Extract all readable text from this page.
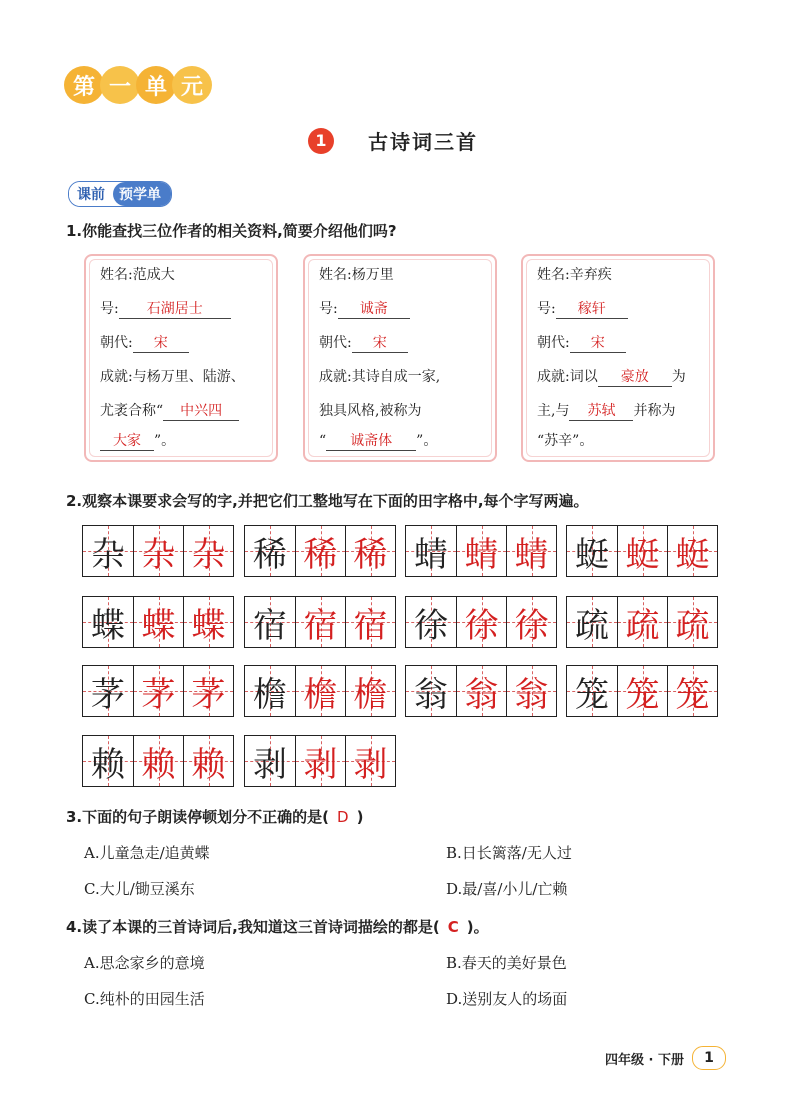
第 一 单 元
1	古诗词三首
课前	预学单
1.你能查找三位作者的相关资料,简要介绍他们吗?
姓名:范成大
号: 石湖居士
朝代: 宋
成就:与杨万里、陆游、
尤袤合称“ 中兴四
大家 ”。
姓名:杨万里
号: 诚斋
朝代: 宋
成就:其诗自成一家,
独具风格,被称为
“ 诚斋体 ”。
姓名:辛弃疾
号: 稼轩
朝代: 宋
成就:词以 豪放 为
主,与 苏轼 并称为
“苏辛”。
2.观察本课要求会写的字,并把它们工整地写在下面的田字格中,每个字写两遍。
杂 杂 杂 稀 稀 稀 蜻 蜻 蜻 蜓 蜓 蜓
蝶 蝶 蝶 宿 宿 宿 徐 徐 徐 疏 疏 疏
茅 茅 茅 檐 檐 檐 翁 翁 翁 笼 笼 笼
赖 赖 赖 剥 剥 剥
3.下面的句子朗读停顿划分不正确的是( D )
A.儿童急走/追黄蝶	B.日长篱落/无人过
C.大儿/锄豆溪东	D.最/喜/小儿/亡赖
4.读了本课的三首诗词后,我知道这三首诗词描绘的都是( C )。
A.思念家乡的意境	B.春天的美好景色
C.纯朴的田园生活	D.送别友人的场面
四年级 · 下册	1
